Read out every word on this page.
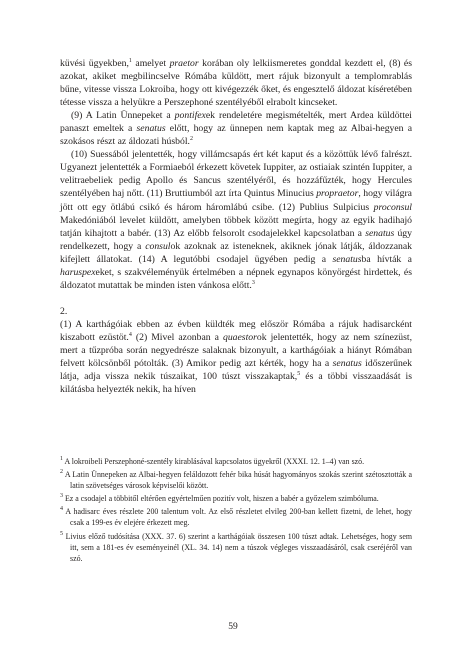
küvési ügyekben,$^1$ amelyet praetor korában oly lelkiismeretes gonddal kezdett el, (8) és azokat, akiket megbilincselve Rómába küldött, mert rájuk bizonyult a templomrablás bűne, vitesse vissza Lokroiba, hogy ott kivégezzék őket, és engesztelő áldozat kíséretében tétesse vissza a helyükre a Perszephoné szentélyéből elrabolt kincseket.

(9) A Latin Ünnepeket a pontifexek rendeletére megismételték, mert Ardea küldöttei panaszt emeltek a senatus előtt, hogy az ünnepen nem kaptak meg az Albai-hegyen a szokásos részt az áldozati húsból.$^2$

(10) Suessából jelentették, hogy villámcsapás ért két kaput és a közöttük lévő falrészt. Ugyanezt jelentették a Formiaeból érkezett követek Iuppiter, az ostiaiak szintén Iuppiter, a velitraebeliek pedig Apollo és Sancus szentélyéről, és hozzáfűzték, hogy Hercules szentélyében haj nőtt. (11) Bruttiumból azt írta Quintus Minucius propraetor, hogy világra jött ott egy ötlábú csikó és három háromlábú csibe. (12) Publius Sulpicius proconsul Makedóniából levelet küldött, amelyben többek között megírta, hogy az egyik hadihajó tatján kihajtott a babér. (13) Az előbb felsorolt csodajelekkel kapcsolatban a senatus úgy rendelkezett, hogy a consulok azoknak az isteneknek, akiknek jónak látják, áldozzanak kifejlett állatokat. (14) A legutóbbi csodajel ügyében pedig a senatusba hívták a haruspexeket, s szakvéleményük értelmében a népnek egynapos könyörgést hirdettek, és áldozatot mutattak be minden isten vánkosa előtt.$^3$

2.

(1) A karthágóiak ebben az évben küldték meg először Rómába a rájuk hadisarcként kiszabott ezüstöt.$^4$ (2) Mivel azonban a quaestorok jelentették, hogy az nem színezüst, mert a tűzpróba során negyedrésze salaknak bizonyult, a karthágóiak a hiányt Rómában felvett kölcsönből pótolták. (3) Amikor pedig azt kérték, hogy ha a senatus időszerűnek látja, adja vissza nekik túszaikat, 100 túszt visszakaptak,$^5$ és a többi visszaadását is kilátásba helyezték nekik, ha híven

$^1$ A lokroibeli Perszephoné-szentély kirablásával kapcsolatos ügyekről (XXXI. 12. 1–4) van szó.

$^2$ A Latin Ünnepeken az Albai-hegyen feláldozott fehér bika húsát hagyományos szokás szerint szétosztották a latin szövetséges városok képviselői között.

$^3$ Ez a csodajel a többitől eltérően egyértelműen pozitív volt, hiszen a babér a győzelem szimbóluma.

$^4$ A hadisarc éves részlete 200 talentum volt. Az első részletet elvileg 200-ban kellett fizetni, de lehet, hogy csak a 199-es év elejére érkezett meg.

$^5$ Livius előző tudósítása (XXX. 37. 6) szerint a karthágóiak összesen 100 túszt adtak. Lehetséges, hogy sem itt, sem a 181-es év eseményeinél (XL. 34. 14) nem a túszok végleges visszaadásáról, csak cseréjéről van szó.

59
